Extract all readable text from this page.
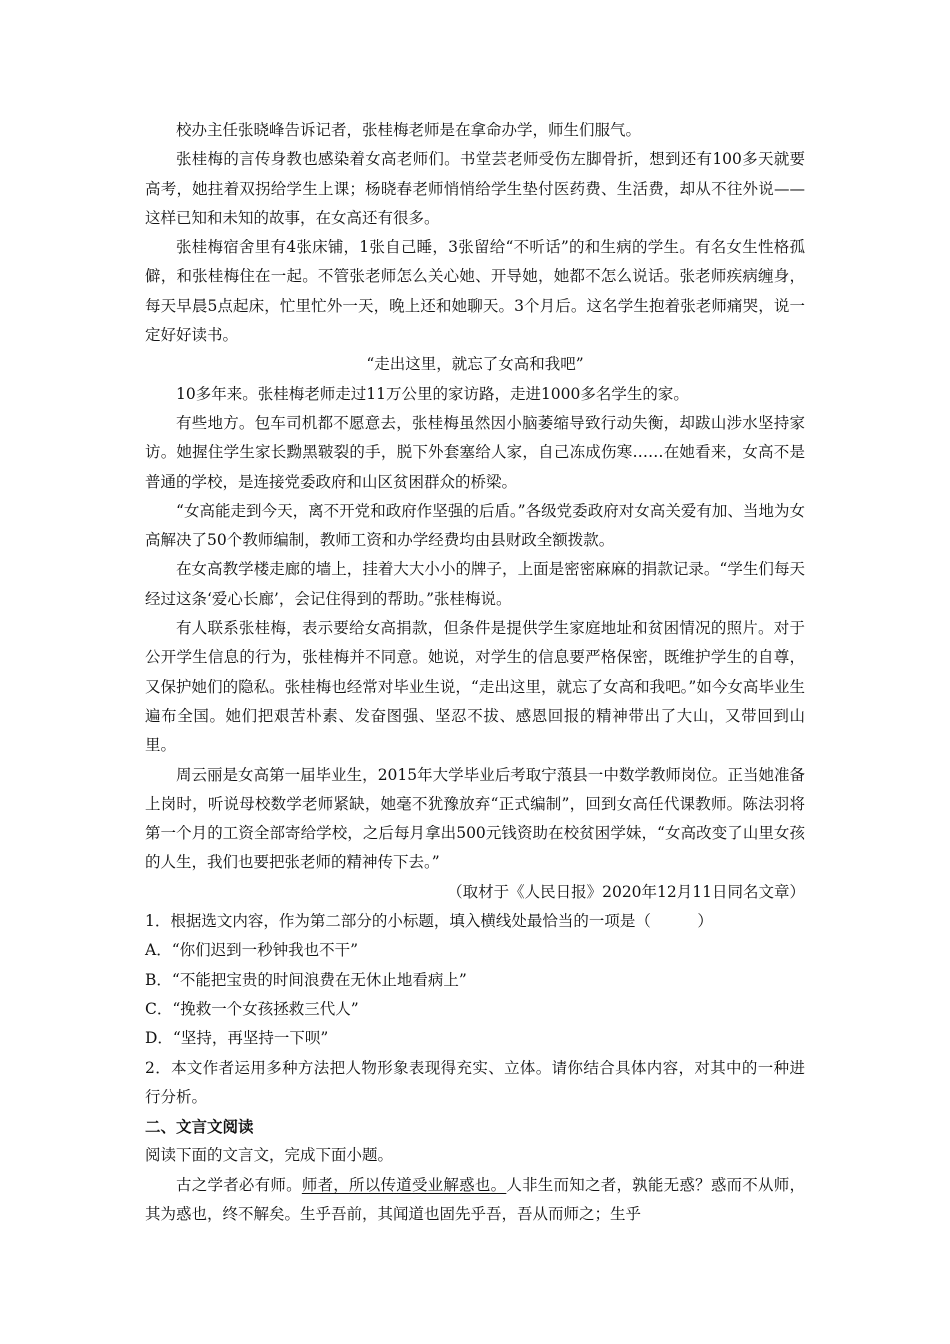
校办主任张晓峰告诉记者，张桂梅老师是在拿命办学，师生们服气。

张桂梅的言传身教也感染着女高老师们。书堂芸老师受伤左脚骨折，想到还有100多天就要高考，她拄着双拐给学生上课；杨晓春老师悄悄给学生垫付医药费、生活费，却从不往外说——这样已知和未知的故事，在女高还有很多。

张桂梅宿舍里有4张床铺，1张自己睡，3张留给“不听话”的和生病的学生。有名女生性格孤僻，和张桂梅住在一起。不管张老师怎么关心她、开导她，她都不怎么说话。张老师疾病缠身，每天早晨5点起床，忙里忙外一天，晚上还和她聊天。3个月后。这名学生抱着张老师痛哭，说一定好好读书。

“走出这里，就忘了女高和我吧”

10多年来。张桂梅老师走过11万公里的家访路，走进1000多名学生的家。

有些地方。包车司机都不愿意去，张桂梅虽然因小脑萎缩导致行动失衡，却跋山涉水坚持家访。她握住学生家长黝黑皲裂的手，脱下外套塞给人家，自己冻成伤寒……在她看来，女高不是普通的学校，是连接党委政府和山区贫困群众的桥梁。

“女高能走到今天，离不开党和政府作坚强的后盾。”各级党委政府对女高关爱有加、当地为女高解决了50个教师编制，教师工资和办学经费均由县财政全额拨款。

在女高教学楼走廊的墙上，挂着大大小小的牌子，上面是密密麻麻的捐款记录。“学生们每天经过这条‘爱心长廊’，会记住得到的帮助。”张桂梅说。

有人联系张桂梅，表示要给女高捐款，但条件是提供学生家庭地址和贫困情况的照片。对于公开学生信息的行为，张桂梅并不同意。她说，对学生的信息要严格保密，既维护学生的自尊，又保护她们的隐私。张桂梅也经常对毕业生说，“走出这里，就忘了女高和我吧。”如今女高毕业生遍布全国。她们把艰苦朴素、发奋图强、坚忍不拔、感恩回报的精神带出了大山，又带回到山里。

周云丽是女高第一届毕业生，2015年大学毕业后考取宁蒗县一中数学教师岗位。正当她准备上岗时，听说母校数学老师紧缺，她毫不犹豫放弃“正式编制”，回到女高任代课教师。陈法羽将第一个月的工资全部寄给学校，之后每月拿出500元钱资助在校贫困学妹，“女高改变了山里女孩的人生，我们也要把张老师的精神传下去。”

（取材于《人民日报》2020年12月11日同名文章）

1．根据选文内容，作为第二部分的小标题，填入横线处最恰当的一项是（　　　）

A．“你们迟到一秒钟我也不干”

B．“不能把宝贵的时间浪费在无休止地看病上”

C．“挽救一个女孩拯救三代人”

D．“坚持，再坚持一下呗”

2．本文作者运用多种方法把人物形象表现得充实、立体。请你结合具体内容，对其中的一种进行分析。

二、文言文阅读

阅读下面的文言文，完成下面小题。

古之学者必有师。师者，所以传道受业解惑也。人非生而知之者，孰能无惑？惑而不从师，其为惑也，终不解矣。生乎吾前，其闻道也固先乎吾，吾从而师之；生乎
